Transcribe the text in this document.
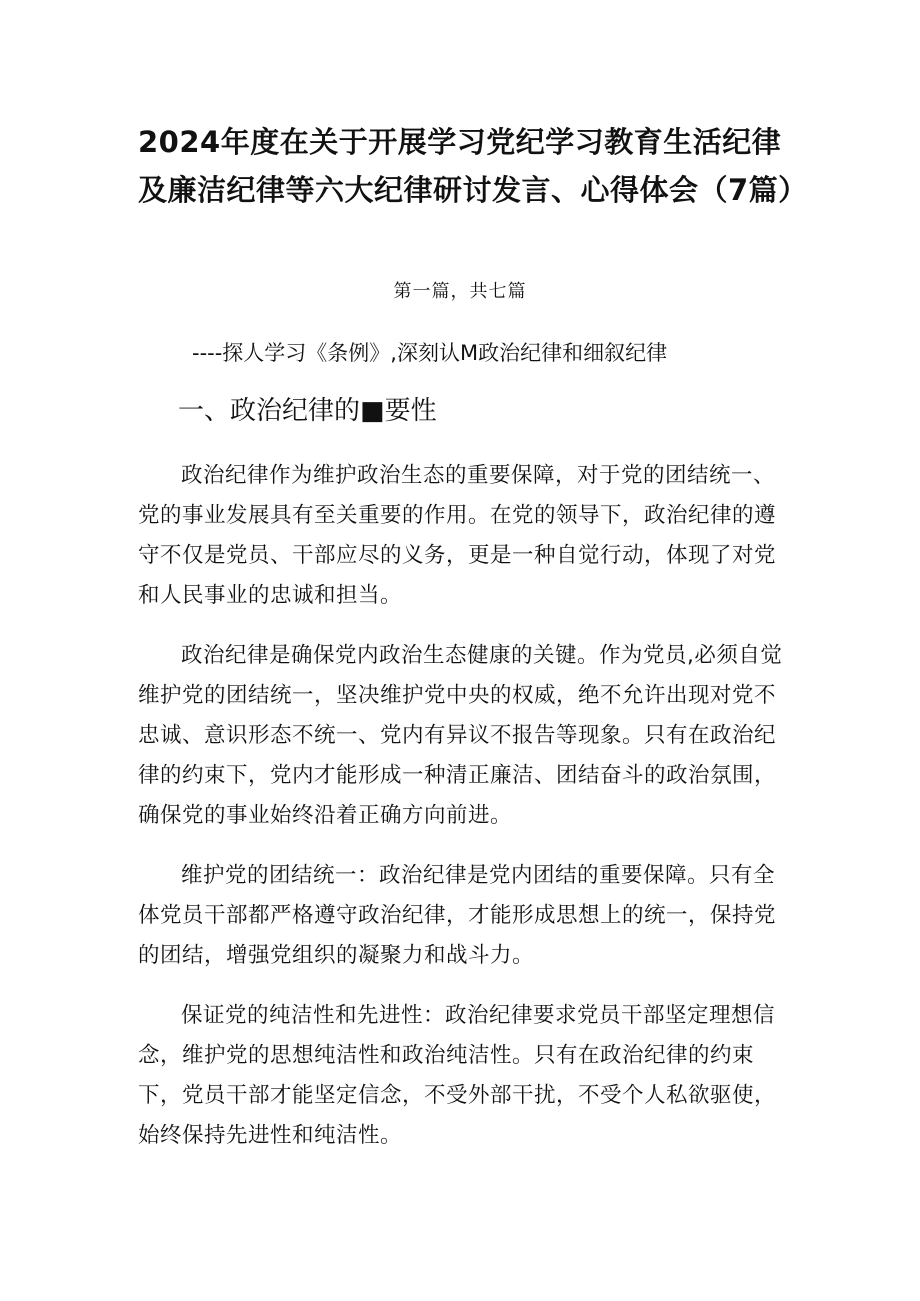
2024年度在关于开展学习党纪学习教育生活纪律及廉洁纪律等六大纪律研讨发言、心得体会（7篇）

第一篇，共七篇

----探人学习《条例》,深刻认M政治纪律和细叙纪律

一、政治纪律的■要性

政治纪律作为维护政治生态的重要保障，对于党的团结统一、党的事业发展具有至关重要的作用。在党的领导下，政治纪律的遵守不仅是党员、干部应尽的义务，更是一种自觉行动，体现了对党和人民事业的忠诚和担当。

政治纪律是确保党内政治生态健康的关键。作为党员,必须自觉维护党的团结统一，坚决维护党中央的权威，绝不允许出现对党不忠诚、意识形态不统一、党内有异议不报告等现象。只有在政治纪律的约束下，党内才能形成一种清正廉洁、团结奋斗的政治氛围，确保党的事业始终沿着正确方向前进。

维护党的团结统一：政治纪律是党内团结的重要保障。只有全体党员干部都严格遵守政治纪律，才能形成思想上的统一，保持党的团结，增强党组织的凝聚力和战斗力。

保证党的纯洁性和先进性：政治纪律要求党员干部坚定理想信念，维护党的思想纯洁性和政治纯洁性。只有在政治纪律的约束下，党员干部才能坚定信念，不受外部干扰，不受个人私欲驱使，始终保持先进性和纯洁性。
